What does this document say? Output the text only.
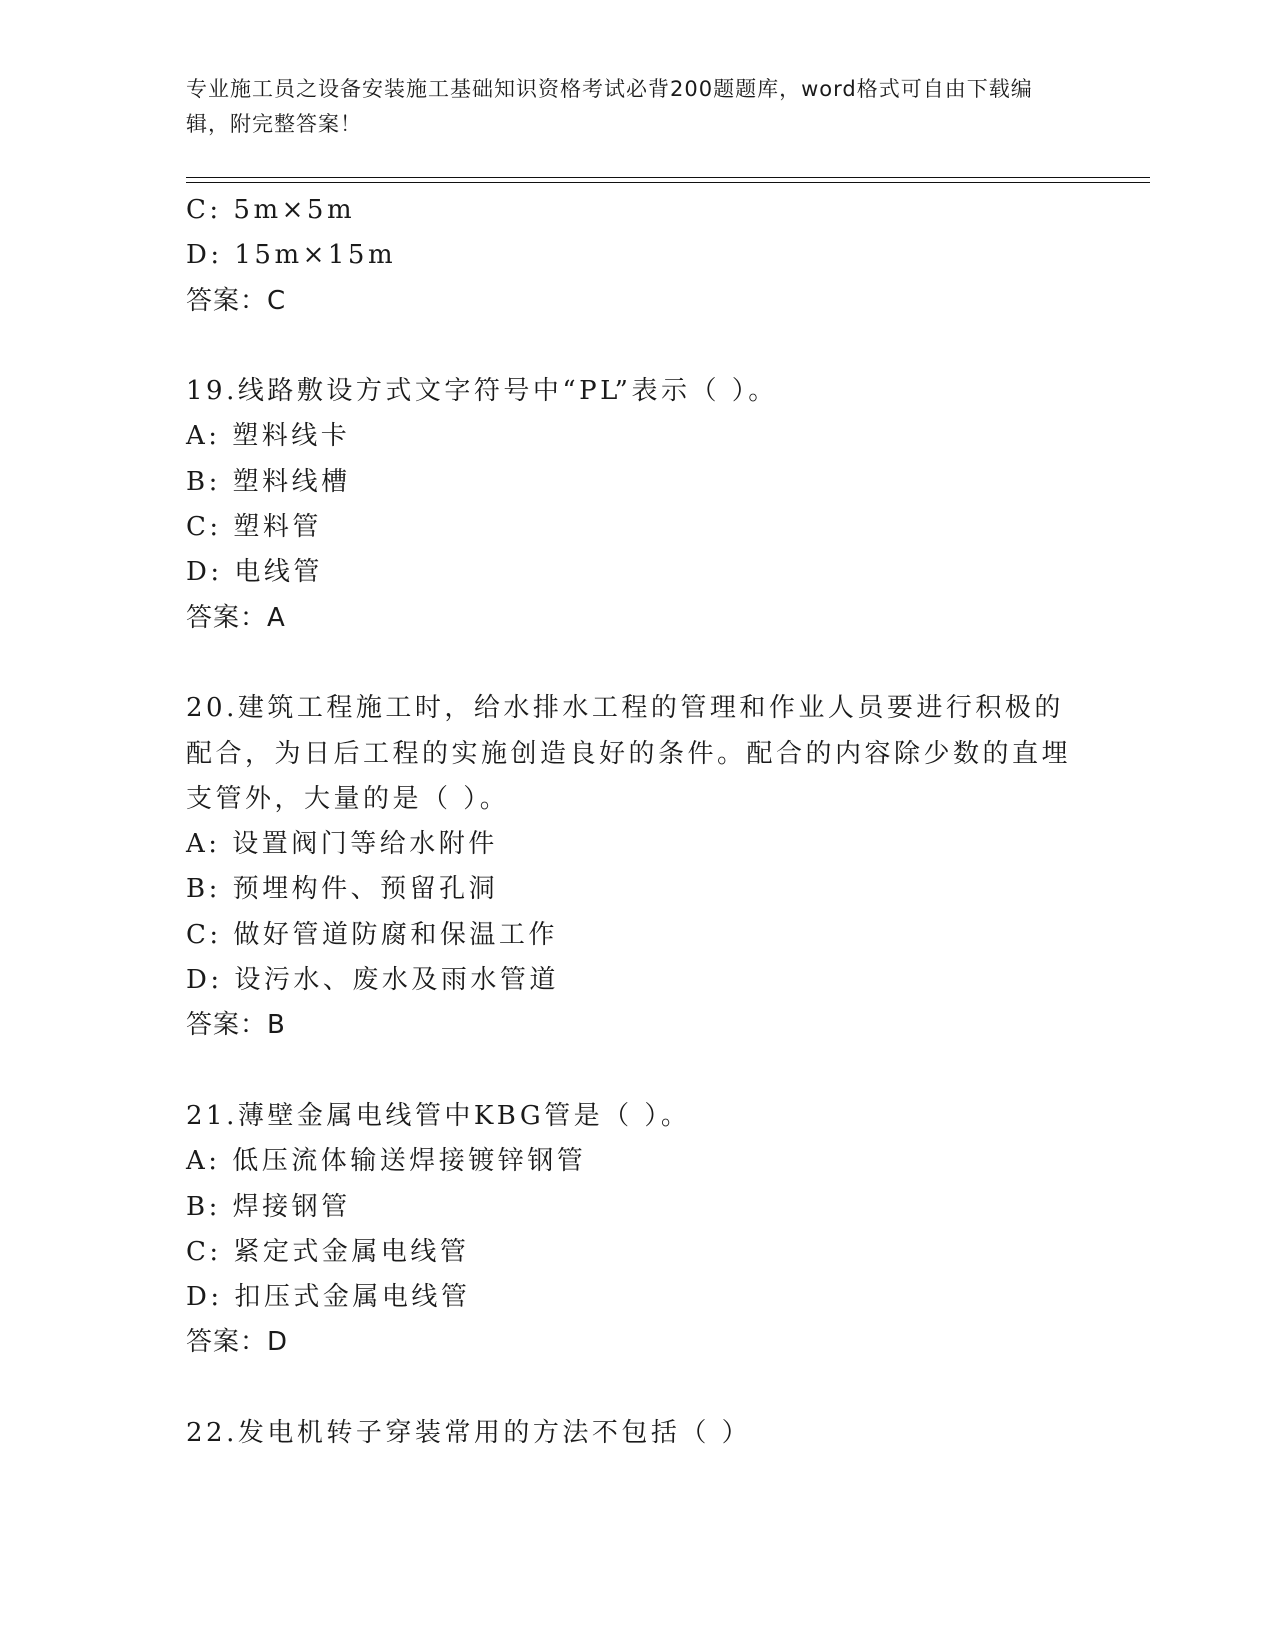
专业施工员之设备安装施工基础知识资格考试必背200题题库，word格式可自由下载编辑，附完整答案！
C: 5m×5m
D: 15m×15m
答案：C
19.线路敷设方式文字符号中“PL”表示（ ）。
A: 塑料线卡
B: 塑料线槽
C: 塑料管
D: 电线管
答案：A
20.建筑工程施工时，给水排水工程的管理和作业人员要进行积极的配合，为日后工程的实施创造良好的条件。配合的内容除少数的直埋支管外，大量的是（ ）。
A: 设置阀门等给水附件
B: 预埋构件、预留孔洞
C: 做好管道防腐和保温工作
D: 设污水、废水及雨水管道
答案：B
21.薄壁金属电线管中KBG管是（ ）。
A: 低压流体输送焊接镀锌钢管
B: 焊接钢管
C: 紧定式金属电线管
D: 扣压式金属电线管
答案：D
22.发电机转子穿装常用的方法不包括（ ）
